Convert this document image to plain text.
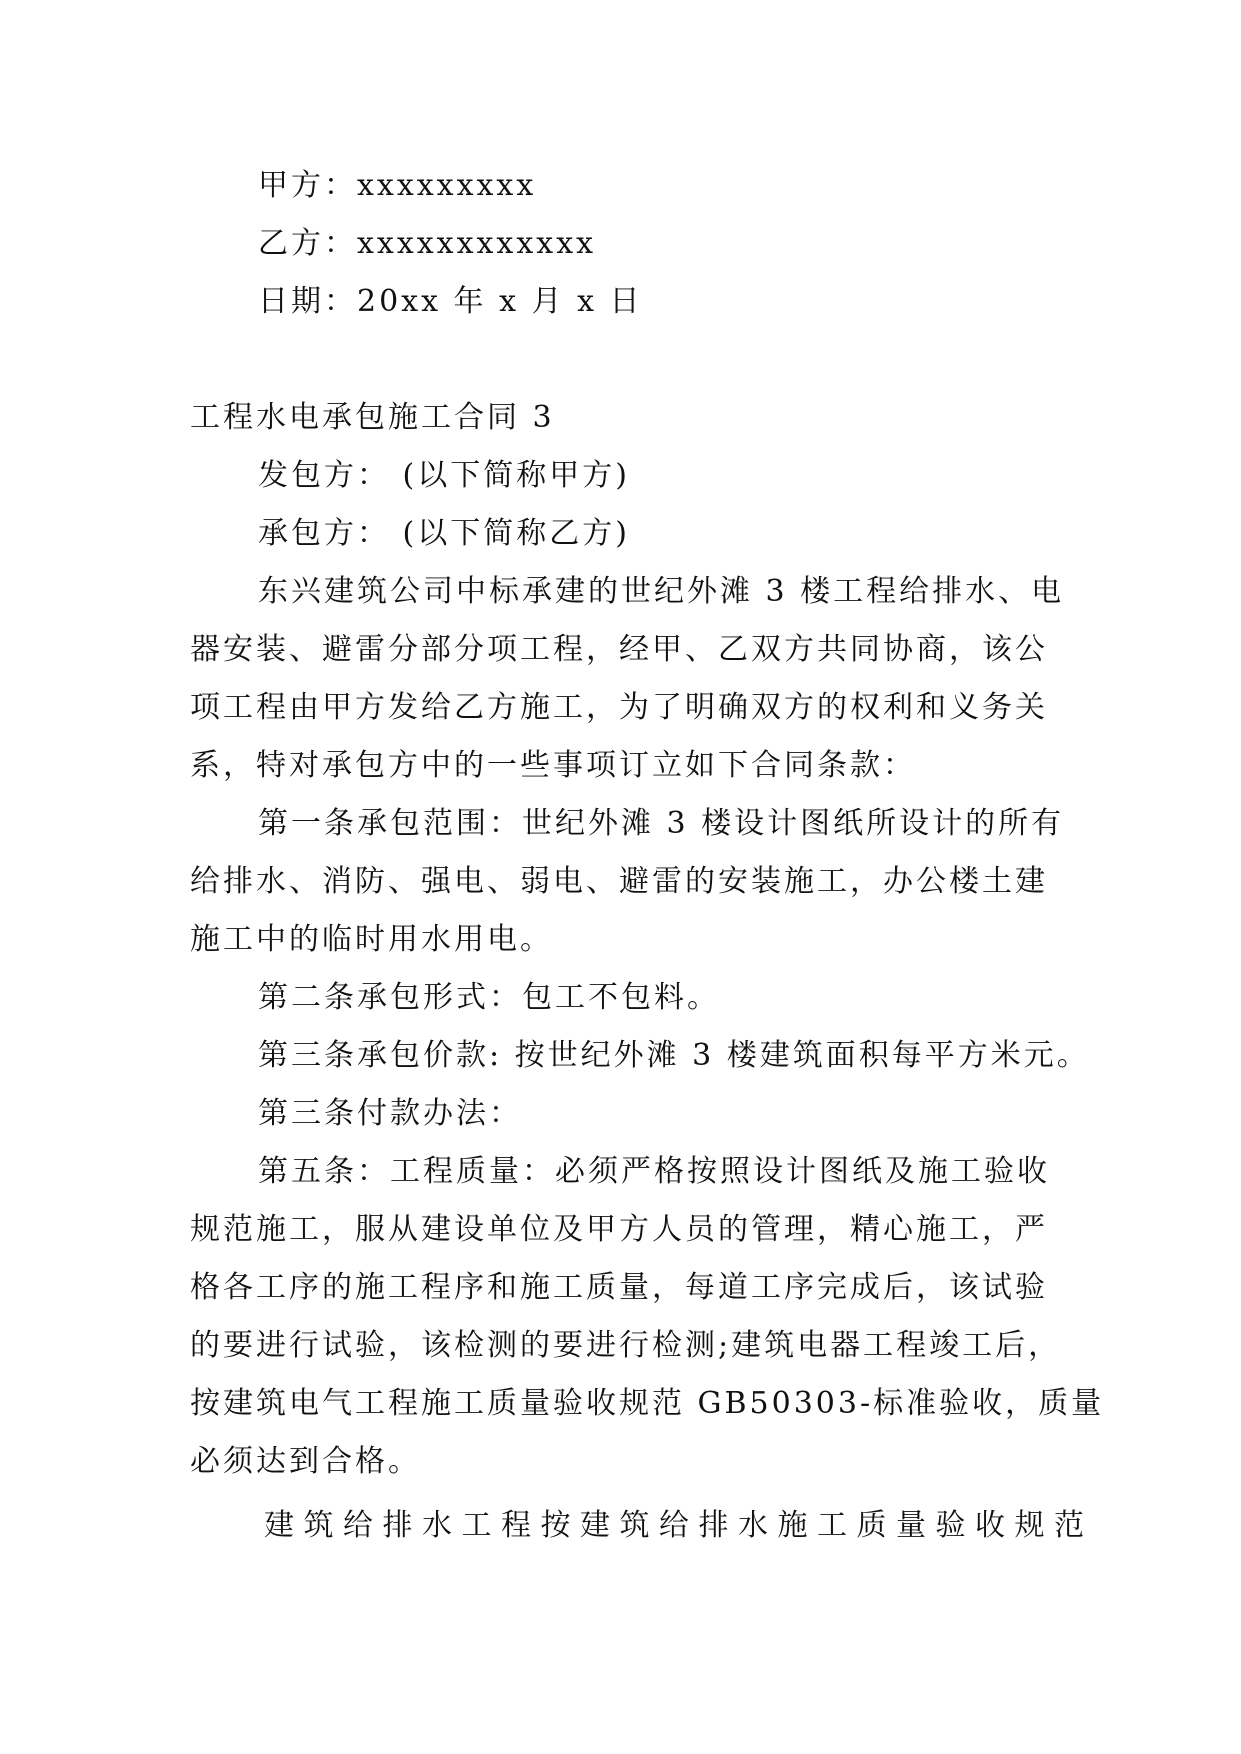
甲方：xxxxxxxxx
乙方：xxxxxxxxxxxx
日期：20xx 年 x 月 x 日
工程水电承包施工合同 3
发包方： (以下简称甲方)
承包方： (以下简称乙方)
东兴建筑公司中标承建的世纪外滩 3 楼工程给排水、电
器安装、避雷分部分项工程，经甲、乙双方共同协商，该公
项工程由甲方发给乙方施工，为了明确双方的权利和义务关
系，特对承包方中的一些事项订立如下合同条款：
第一条承包范围：世纪外滩 3 楼设计图纸所设计的所有
给排水、消防、强电、弱电、避雷的安装施工，办公楼土建
施工中的临时用水用电。
第二条承包形式：包工不包料。
第三条承包价款: 按世纪外滩 3 楼建筑面积每平方米元。
第三条付款办法：
第五条：工程质量：必须严格按照设计图纸及施工验收
规范施工，服从建设单位及甲方人员的管理，精心施工，严
格各工序的施工程序和施工质量，每道工序完成后，该试验
的要进行试验，该检测的要进行检测;建筑电器工程竣工后，
按建筑电气工程施工质量验收规范 GB50303-标准验收，质量
必须达到合格。
建筑给排水工程按建筑给排水施工质量验收规范
